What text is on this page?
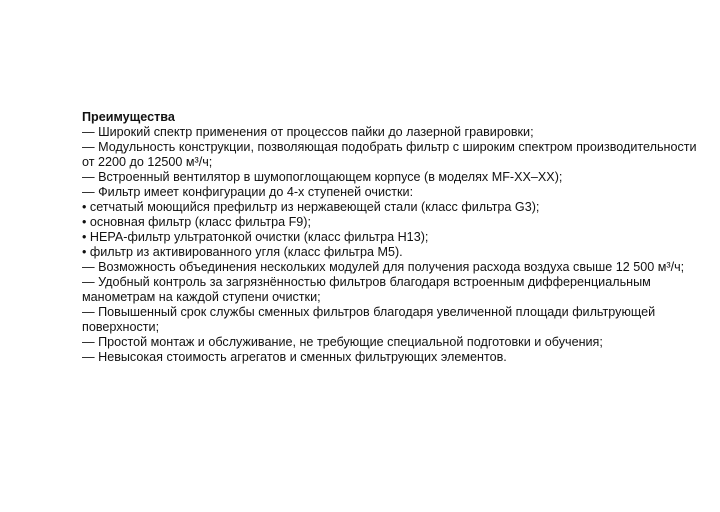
Преимущества
— Широкий спектр применения от процессов пайки до лазерной гравировки;
— Модульность конструкции, позволяющая подобрать фильтр с широким спектром производительности от 2200 до 12500 м³/ч;
— Встроенный вентилятор в шумопоглощающем корпусе (в моделях MF-XX–XX);
— Фильтр имеет конфигурации до 4-х ступеней очистки:
• сетчатый моющийся префильтр из нержавеющей стали (класс фильтра G3);
• основная фильтр (класс фильтра F9);
• HEPA-фильтр ультратонкой очистки (класс фильтра H13);
• фильтр из активированного угля (класс фильтра M5).
— Возможность объединения нескольких модулей для получения расхода воздуха свыше 12 500 м³/ч;
— Удобный контроль за загрязнённостью фильтров благодаря встроенным дифференциальным манометрам на каждой ступени очистки;
— Повышенный срок службы сменных фильтров благодаря увеличенной площади фильтрующей поверхности;
— Простой монтаж и обслуживание, не требующие специальной подготовки и обучения;
— Невысокая стоимость агрегатов и сменных фильтрующих элементов.
